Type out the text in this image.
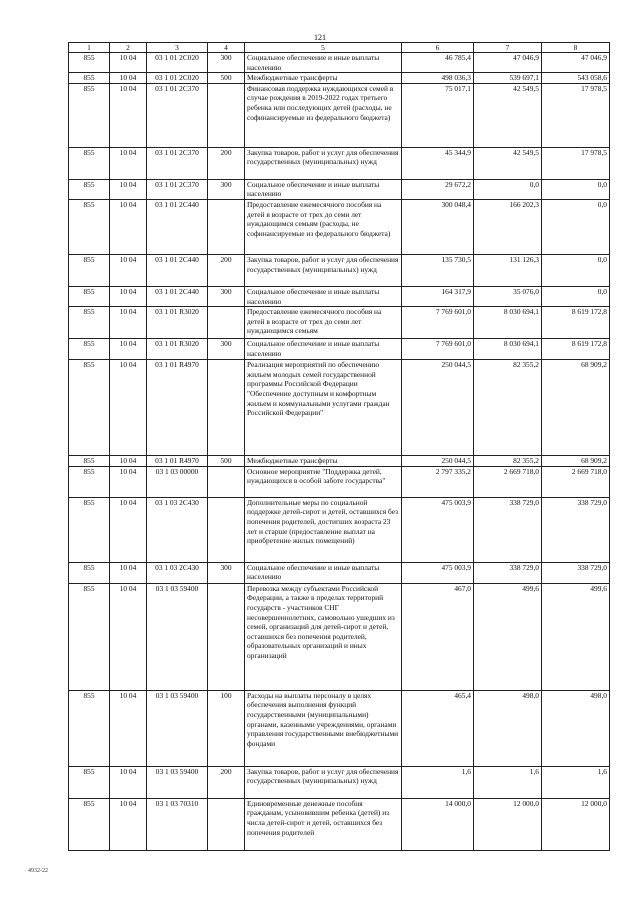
121
1	2	3	4	5	6	7	8
855	10 04	03 1 01 2С020	300	Социальное обеспечение и иные выплаты населению	46 785,4	47 046,9	47 046,9
855	10 04	03 1 01 2С020	500	Межбюджетные трансферты	498 036,3	539 697,1	543 058,6
855	10 04	03 1 01 2С370		Финансовая поддержка нуждающихся семей в случае рождения в 2019-2022 годах третьего ребенка или последующих детей (расходы, не софинансируемые из федерального бюджета)	75 017,1	42 549,5	17 978,5
855	10 04	03 1 01 2С370	200	Закупка товаров, работ и услуг для обеспечения государственных (муниципальных) нужд	45 344,9	42 549,5	17 978,5
855	10 04	03 1 01 2С370	300	Социальное обеспечение и иные выплаты населению	29 672,2	0,0	0,0
855	10 04	03 1 01 2С440		Предоставление ежемесячного пособия на детей в возрасте от трех до семи лет нуждающимся семьям (расходы, не софинансируемые из федерального бюджета)	300 048,4	166 202,3	0,0
855	10 04	03 1 01 2С440	200	Закупка товаров, работ и услуг для обеспечения государственных (муниципальных) нужд	135 730,5	131 126,3	0,0
855	10 04	03 1 01 2С440	300	Социальное обеспечение и иные выплаты населению	164 317,9	35 076,0	0,0
855	10 04	03 1 01 R3020		Предоставление ежемесячного пособия на детей в возрасте от трех до семи лет нуждающимся семьям	7 769 601,0	8 030 694,1	8 619 172,8
855	10 04	03 1 01 R3020	300	Социальное обеспечение и иные выплаты населению	7 769 601,0	8 030 694,1	8 619 172,8
855	10 04	03 1 01 R4970		Реализация мероприятий по обеспечению жильем молодых семей государственной программы Российской Федерации "Обеспечение доступным и комфортным жильем и коммунальными услугами граждан Российской Федерации"	250 044,5	82 355,2	68 909,2
855	10 04	03 1 01 R4970	500	Межбюджетные трансферты	250 044,5	82 355,2	68 909,2
855	10 04	03 1 03 00000		Основное мероприятие "Поддержка детей, нуждающихся в особой заботе государства"	2 797 335,2	2 669 718,0	2 669 718,0
855	10 04	03 1 03 2С430		Дополнительные меры по социальной поддержке детей-сирот и детей, оставшихся без попечения родителей, достигших возраста 23 лет и старше (предоставление выплат на приобретение жилых помещений)	475 003,9	338 729,0	338 729,0
855	10 04	03 1 03 2С430	300	Социальное обеспечение и иные выплаты населению	475 003,9	338 729,0	338 729,0
855	10 04	03 1 03 59400		Перевозка между субъектами Российской Федерации, а также в пределах территорий государств - участников СНГ несовершеннолетних, самовольно ушедших из семей, организаций для детей-сирот и детей, оставшихся без попечения родителей, образовательных организаций и иных организаций	467,0	499,6	499,6
855	10 04	03 1 03 59400	100	Расходы на выплаты персоналу в целях обеспечения выполнения функций государственными (муниципальными) органами, казенными учреждениями, органами управления государственными внебюджетными фондами	465,4	498,0	498,0
855	10 04	03 1 03 59400	200	Закупка товаров, работ и услуг для обеспечения государственных (муниципальных) нужд	1,6	1,6	1,6
855	10 04	03 1 03 70310		Единовременные денежные пособия гражданам, усыновившим ребенка (детей) из числа детей-сирот и детей, оставшихся без попечения родителей	14 000,0	12 000,0	12 000,0
4932-22
